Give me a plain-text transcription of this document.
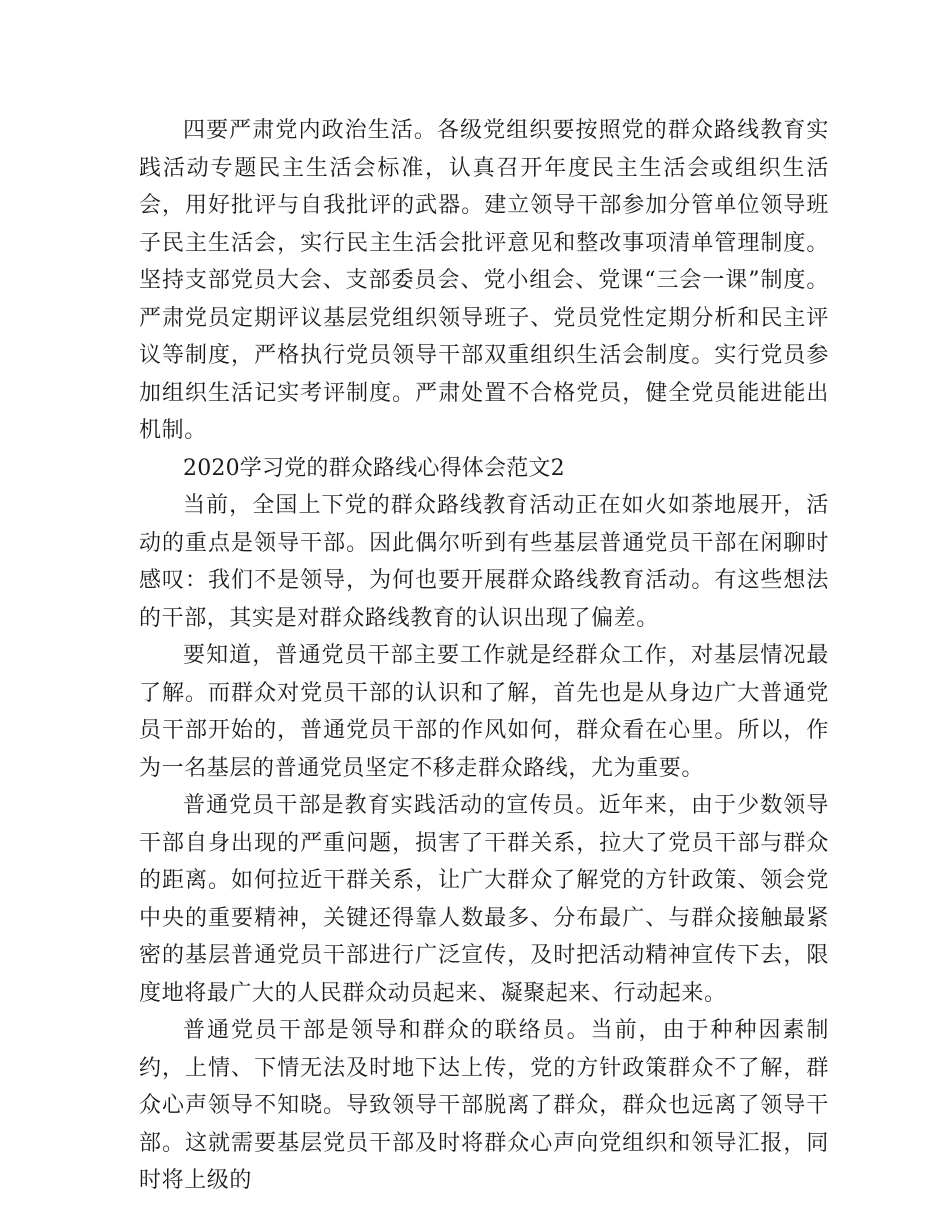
四要严肃党内政治生活。各级党组织要按照党的群众路线教育实践活动专题民主生活会标准，认真召开年度民主生活会或组织生活会，用好批评与自我批评的武器。建立领导干部参加分管单位领导班子民主生活会，实行民主生活会批评意见和整改事项清单管理制度。坚持支部党员大会、支部委员会、党小组会、党课“三会一课”制度。严肃党员定期评议基层党组织领导班子、党员党性定期分析和民主评议等制度，严格执行党员领导干部双重组织生活会制度。实行党员参加组织生活记实考评制度。严肃处置不合格党员，健全党员能进能出机制。

2020学习党的群众路线心得体会范文2

当前，全国上下党的群众路线教育活动正在如火如荼地展开，活动的重点是领导干部。因此偶尔听到有些基层普通党员干部在闲聊时感叹：我们不是领导，为何也要开展群众路线教育活动。有这些想法的干部，其实是对群众路线教育的认识出现了偏差。

要知道，普通党员干部主要工作就是经群众工作，对基层情况最了解。而群众对党员干部的认识和了解，首先也是从身边广大普通党员干部开始的，普通党员干部的作风如何，群众看在心里。所以，作为一名基层的普通党员坚定不移走群众路线，尤为重要。

普通党员干部是教育实践活动的宣传员。近年来，由于少数领导干部自身出现的严重问题，损害了干群关系，拉大了党员干部与群众的距离。如何拉近干群关系，让广大群众了解党的方针政策、领会党中央的重要精神，关键还得靠人数最多、分布最广、与群众接触最紧密的基层普通党员干部进行广泛宣传，及时把活动精神宣传下去，限度地将最广大的人民群众动员起来、凝聚起来、行动起来。

普通党员干部是领导和群众的联络员。当前，由于种种因素制约，上情、下情无法及时地下达上传，党的方针政策群众不了解，群众心声领导不知晓。导致领导干部脱离了群众，群众也远离了领导干部。这就需要基层党员干部及时将群众心声向党组织和领导汇报，同时将上级的
